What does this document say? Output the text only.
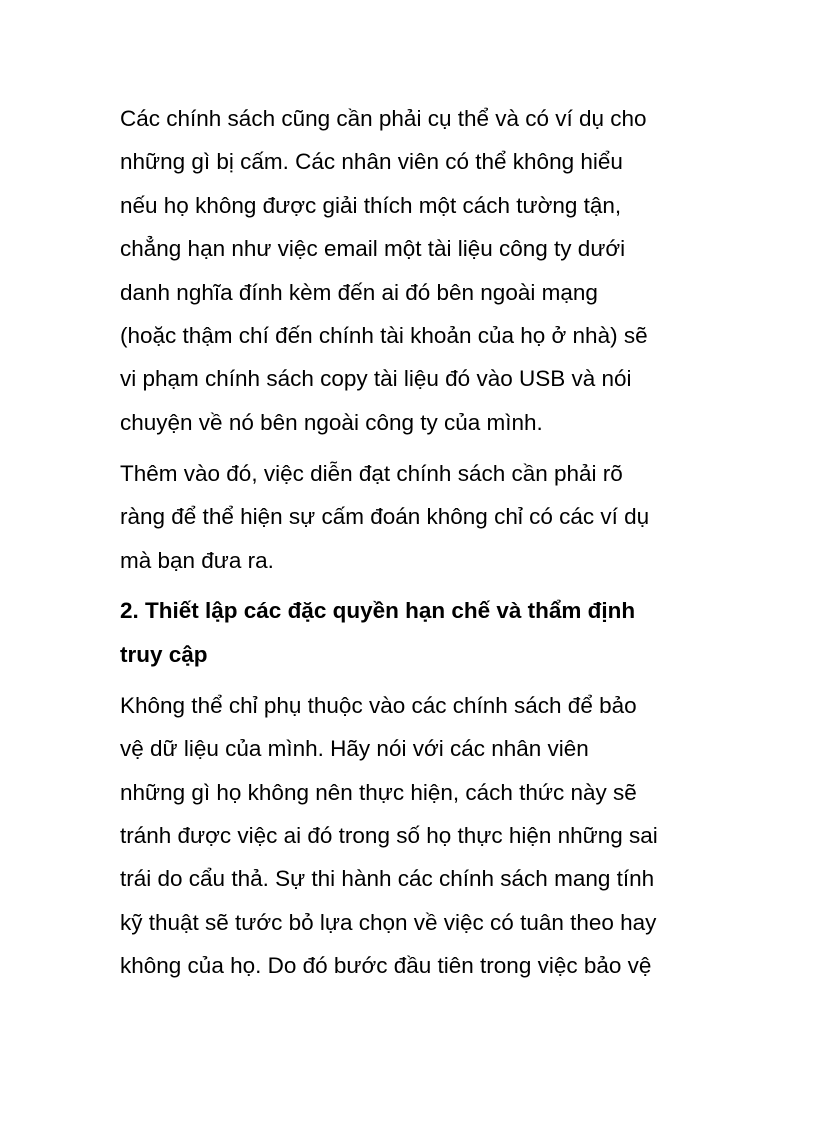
Các chính sách cũng cần phải cụ thể và có ví dụ cho
những gì bị cấm. Các nhân viên có thể không hiểu
nếu họ không được giải thích một cách tường tận,
chẳng hạn như việc email một tài liệu công ty dưới
danh nghĩa đính kèm đến ai đó bên ngoài mạng
(hoặc thậm chí đến chính tài khoản của họ ở nhà) sẽ
vi phạm chính sách copy tài liệu đó vào USB và nói
chuyện về nó bên ngoài công ty của mình.
Thêm vào đó, việc diễn đạt chính sách cần phải rõ
ràng để thể hiện sự cấm đoán không chỉ có các ví dụ
mà bạn đưa ra.
2. Thiết lập các đặc quyền hạn chế và thẩm định
truy cập
Không thể chỉ phụ thuộc vào các chính sách để bảo
vệ dữ liệu của mình. Hãy nói với các nhân viên
những gì họ không nên thực hiện, cách thức này sẽ
tránh được việc ai đó trong số họ thực hiện những sai
trái do cẩu thả. Sự thi hành các chính sách mang tính
kỹ thuật sẽ tước bỏ lựa chọn về việc có tuân theo hay
không của họ. Do đó bước đầu tiên trong việc bảo vệ
